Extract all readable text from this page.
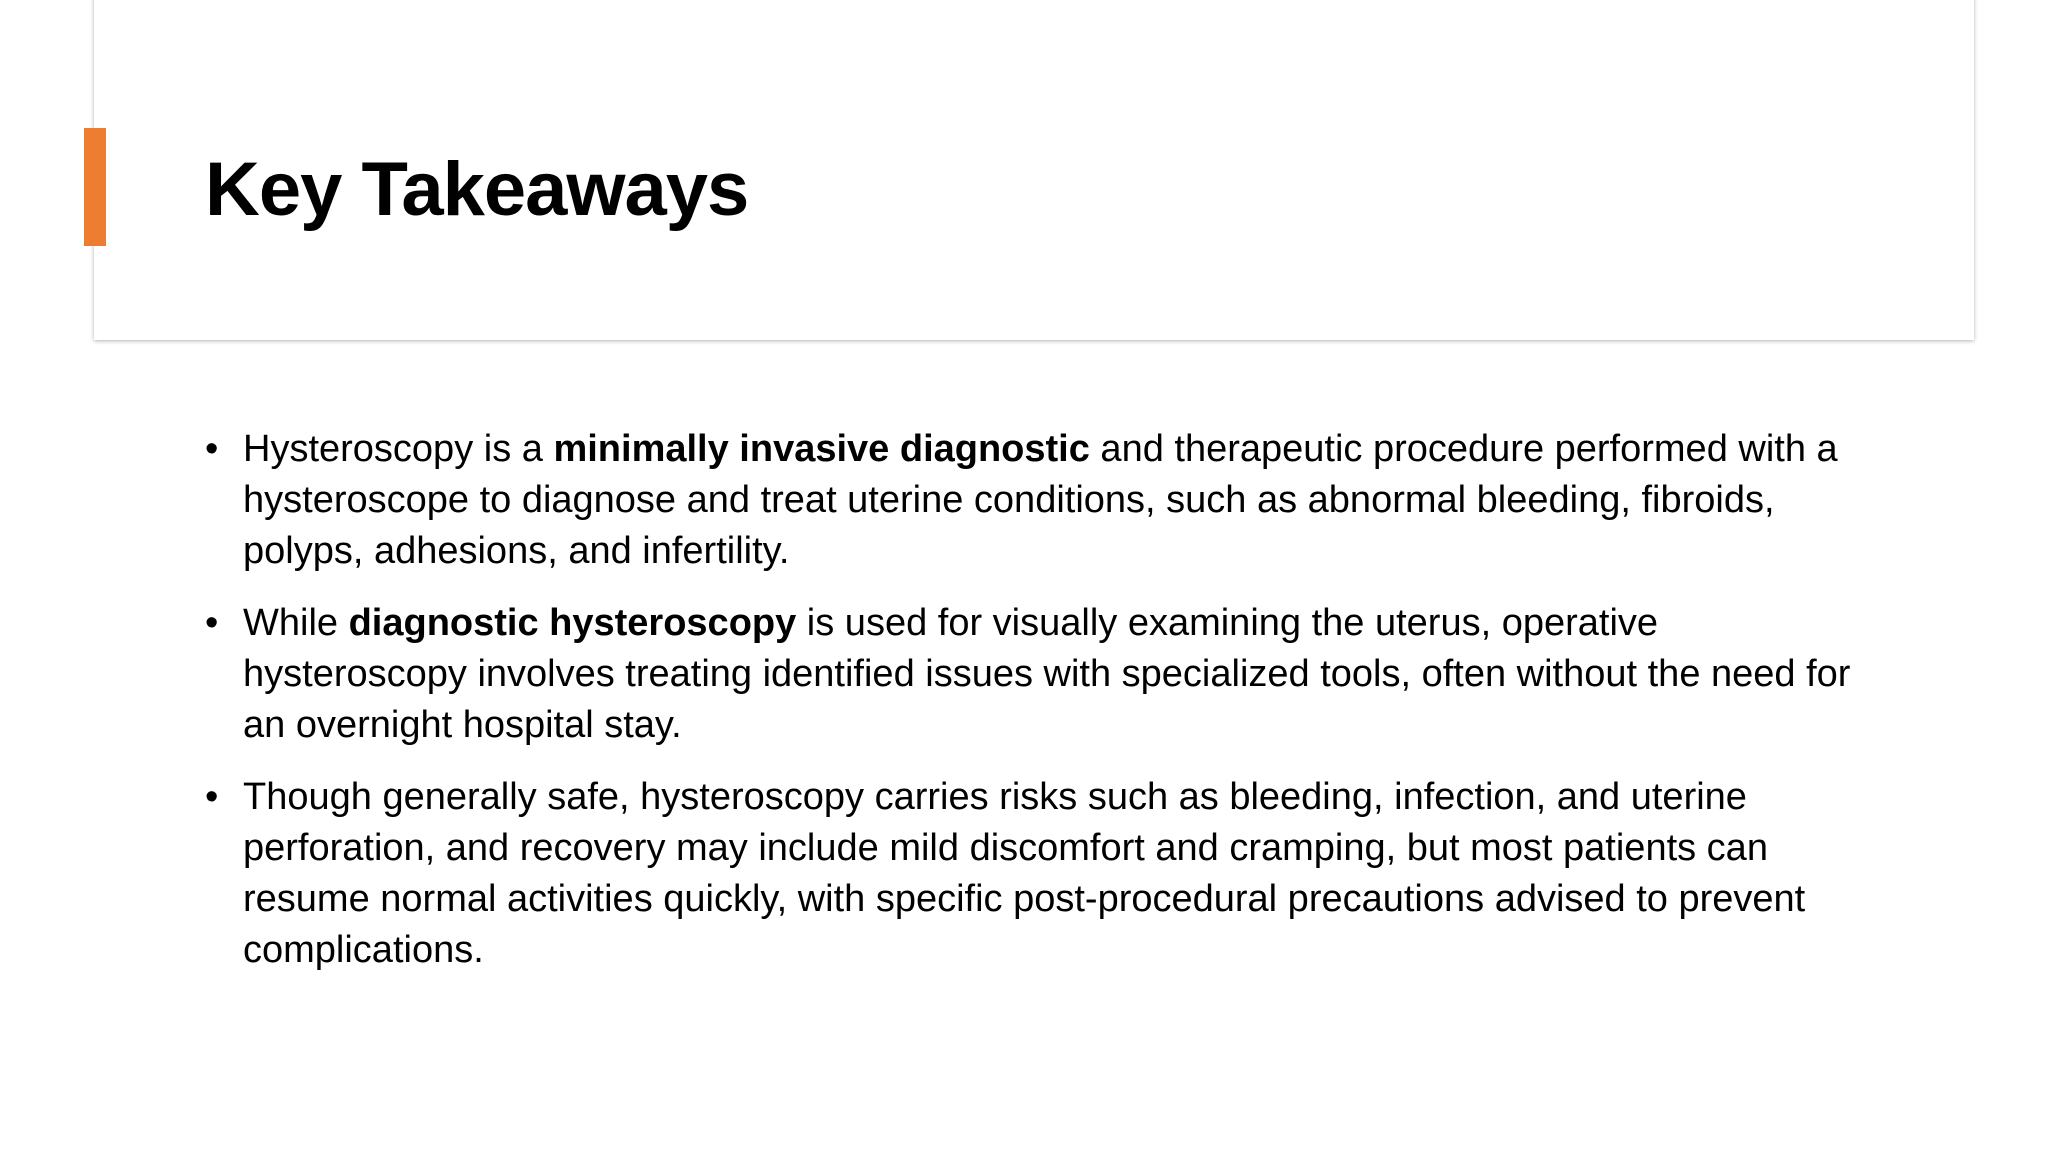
Key Takeaways
• Hysteroscopy is a minimally invasive diagnostic and therapeutic procedure performed with a hysteroscope to diagnose and treat uterine conditions, such as abnormal bleeding, fibroids, polyps, adhesions, and infertility.
• While diagnostic hysteroscopy is used for visually examining the uterus, operative hysteroscopy involves treating identified issues with specialized tools, often without the need for an overnight hospital stay.
• Though generally safe, hysteroscopy carries risks such as bleeding, infection, and uterine perforation, and recovery may include mild discomfort and cramping, but most patients can resume normal activities quickly, with specific post-procedural precautions advised to prevent complications.
